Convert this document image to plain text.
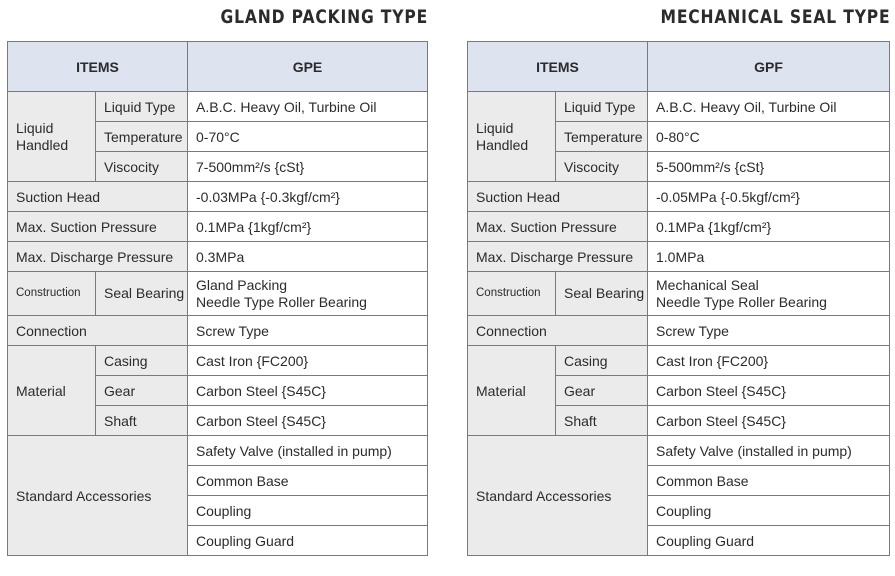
GLAND PACKING TYPE
ITEMS		GPE
Liquid Handled	Liquid Type	A.B.C. Heavy Oil, Turbine Oil
	Temperature	0-70°C
	Viscocity	7-500mm²/s {cSt}
Suction Head		-0.03MPa {-0.3kgf/cm²}
Max. Suction Pressure		0.1MPa {1kgf/cm²}
Max. Discharge Pressure		0.3MPa
Construction	Seal Bearing	Gland Packing
Needle Type Roller Bearing

Connection		Screw Type
Material	Casing	Cast Iron {FC200}
	Gear	Carbon Steel {S45C}
	Shaft	Carbon Steel {S45C}
Standard Accessories		Safety Valve (installed in pump)
		Common Base
		Coupling
		Coupling Guard
MECHANICAL SEAL TYPE
ITEMS		GPF
Liquid Handled	Liquid Type	A.B.C. Heavy Oil, Turbine Oil
	Temperature	0-80°C
	Viscocity	5-500mm²/s {cSt}
Suction Head		-0.05MPa {-0.5kgf/cm²}
Max. Suction Pressure		0.1MPa {1kgf/cm²}
Max. Discharge Pressure		1.0MPa
Construction	Seal Bearing	Mechanical Seal
Needle Type Roller Bearing

Connection		Screw Type
Material	Casing	Cast Iron {FC200}
	Gear	Carbon Steel {S45C}
	Shaft	Carbon Steel {S45C}
Standard Accessories		Safety Valve (installed in pump)
		Common Base
		Coupling
		Coupling Guard
